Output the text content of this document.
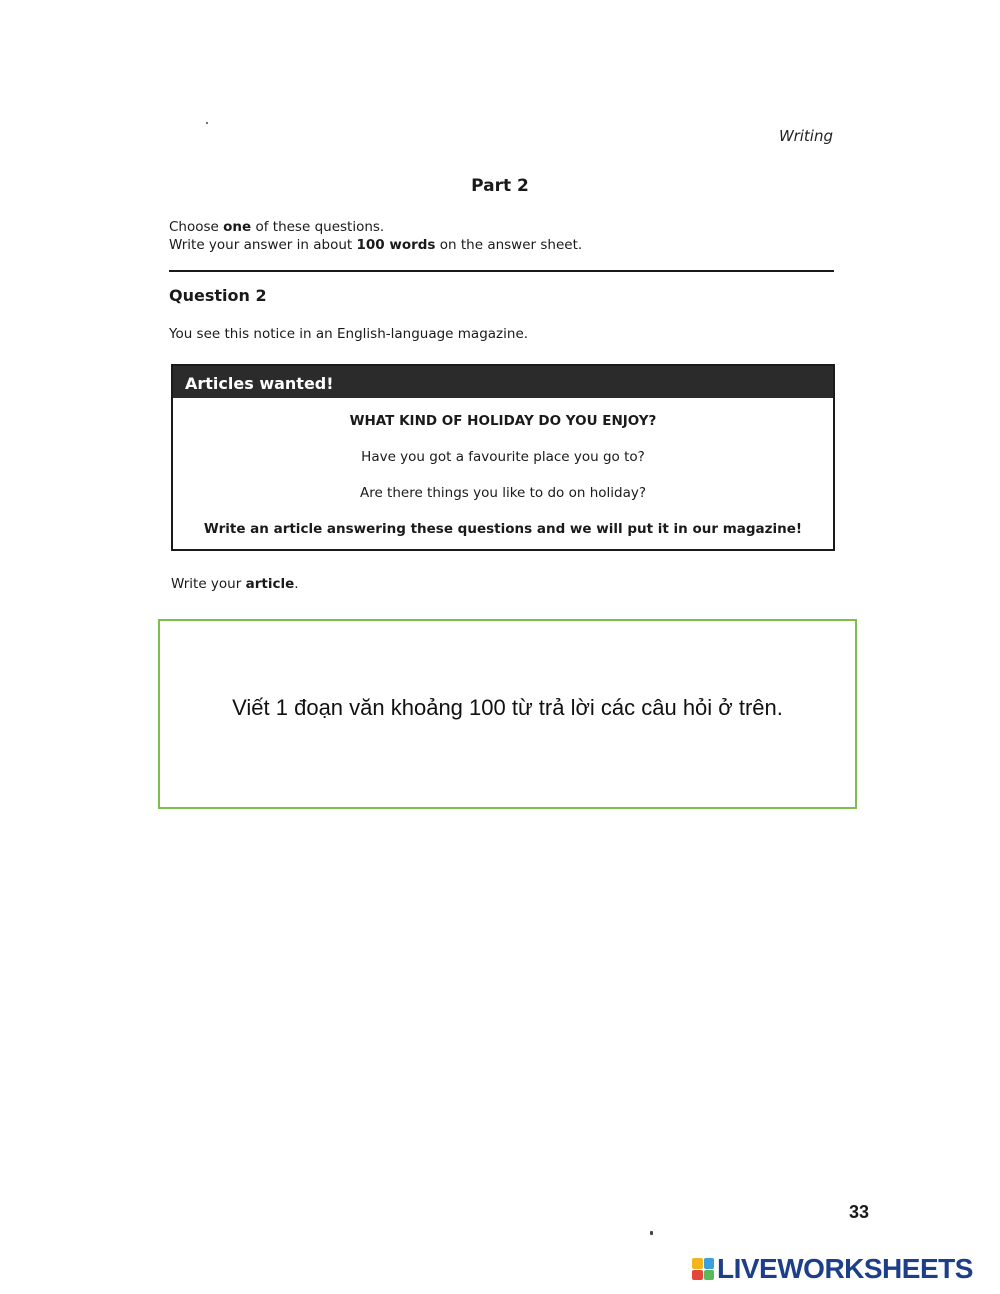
Writing
Part 2
Choose one of these questions.
Write your answer in about 100 words on the answer sheet.
Question 2
You see this notice in an English-language magazine.
Articles wanted!
WHAT KIND OF HOLIDAY DO YOU ENJOY?
Have you got a favourite place you go to?
Are there things you like to do on holiday?
Write an article answering these questions and we will put it in our magazine!
Write your article.
Viết 1 đoạn văn khoảng 100 từ trả lời các câu hỏi ở trên.
33
LIVEWORKSHEETS
